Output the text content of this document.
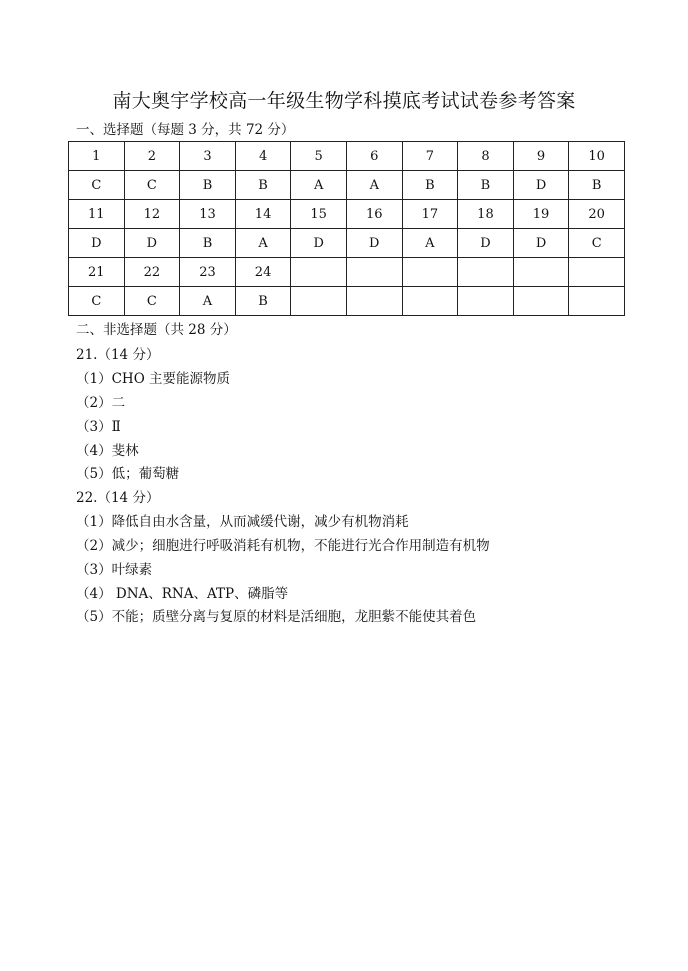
南大奥宇学校高一年级生物学科摸底考试试卷参考答案
一、选择题（每题 3 分，共 72 分）
1	2	3	4	5	6	7	8	9	10
C	C	B	B	A	A	B	B	D	B
11	12	13	14	15	16	17	18	19	20
D	D	B	A	D	D	A	D	D	C
21	22	23	24						
C	C	A	B						
二、非选择题（共 28 分）
21.（14 分）
（1）CHO 主要能源物质
（2）二
（3）Ⅱ
（4）斐林
（5）低；葡萄糖
22.（14 分）
（1）降低自由水含量，从而减缓代谢，减少有机物消耗
（2）减少；细胞进行呼吸消耗有机物，不能进行光合作用制造有机物
（3）叶绿素
（4） DNA、RNA、ATP、磷脂等
（5）不能；质壁分离与复原的材料是活细胞，龙胆紫不能使其着色
